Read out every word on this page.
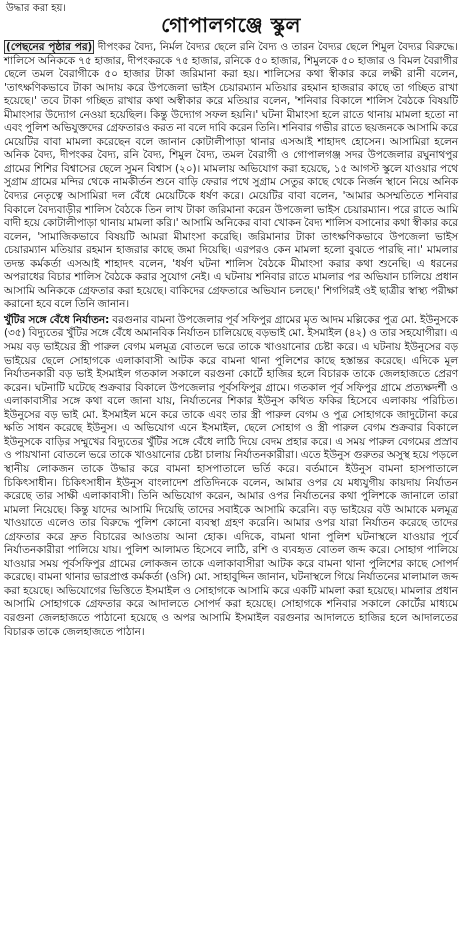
উদ্ধার করা হয়।
গোপালগঞ্জে স্কুল

(পেছনের পৃষ্ঠার পর) দীপংকর বৈদ্য, নির্মল বৈদ্যর ছেলে রনি বৈদ্য ও তারন বৈদ্যর ছেলে শিমুল বৈদ্যর বিরুদ্ধে। শালিসে অনিককে ৭৫ হাজার, দীপংকরকে ৭৫ হাজার, রনিকে ৫০ হাজার, শিমুলকে ৫০ হাজার ও বিমল বৈরাগীর ছেলে তমল বৈরাগীকে ৫০ হাজার টাকা জরিমানা করা হয়। শালিসের কথা স্বীকার করে লক্ষী রানী বলেন, 'তাৎক্ষণিকভাবে টাকা আদায় করে উপজেলা ভাইস চেয়ারম্যান মতিয়ার রহমান হাজরার কাছে তা গচ্ছিত রাখা হয়েছে।' তবে টাকা গচ্ছিত রাখার কথা অস্বীকার করে মতিয়ার বলেন, 'শনিবার বিকালে শালিস বৈঠকে বিষয়টি মীমাংসার উদ্যোগ নেওয়া হয়েছিল। কিন্তু উদ্যোগ সফল হয়নি।' ঘটনা মীমাংসা হলে রাতে থানায় মামলা হতো না এবং পুলিশ অভিযুক্তদের গ্রেফতারও করত না বলে দাবি করেন তিনি। শনিবার গভীর রাতে ছয়জনকে আসামি করে মেয়েটির বাবা মামলা করেছেন বলে জানান কোটালীপাড়া থানার এসআই শাহাদৎ হোসেন। আসামিরা হলেন অনিক বৈদ্য, দীপংকর বৈদ্য, রনি বৈদ্য, শিমুল বৈদ্য, তমল বৈরাগী ও গোপালগঞ্জ সদর উপজেলার রঘুনাথপুর গ্রামের শিশির বিশ্বাসের ছেলে সুমন বিশ্বাস (২০)। মামলায় অভিযোগ করা হয়েছে, ১৫ আগস্ট স্কুলে যাওয়ার পথে সুগ্রাম গ্রামের মন্দির থেকে নামকীর্তন শুনে বাড়ি ফেরার পথে সুগ্রাম সেতুর কাছে থেকে নির্জন স্থানে নিয়ে অনিক বৈদ্যর নেতৃত্বে আসামিরা দল বেঁধে মেয়েটিকে ধর্ষণ করে। মেয়েটির বাবা বলেন, 'আমার অসম্মতিতে শনিবার বিকালে বৈদ্যবাড়ীর শালিস বৈঠকে তিন লাখ টাকা জরিমানা করেন উপজেলা ভাইস চেয়ারম্যান। পরে রাতে আমি বাদী হয়ে কোটালীপাড়া থানায় মামলা করি।' আসামি অনিকের বাবা খোকন বৈদ্য শালিস বসানোর কথা স্বীকার করে বলেন, 'সামাজিকভাবে বিষয়টি আমরা মীমাংসা করেছি। জরিমানার টাকা তাৎক্ষণিকভাবে উপজেলা ভাইস চেয়ারম্যান মতিয়ার রহমান হাজরার কাছে জমা দিয়েছি। এরপরও কেন মামলা হলো বুঝতে পারছি না।' মামলার তদন্ত কর্মকর্তা এসআই শাহাদৎ বলেন, 'ধর্ষণ ঘটনা শালিস বৈঠকে মীমাংসা করার কথা শুনেছি। এ ধরনের অপরাধের বিচার শালিস বৈঠকে করার সুযোগ নেই। এ ঘটনায় শনিবার রাতে মামলার পর অভিযান চালিয়ে প্রধান আসামি অনিককে গ্রেফতার করা হয়েছে। বাকিদের গ্রেফতারে অভিযান চলছে।' শিগগিরই ওই ছাত্রীর স্বাস্থ্য পরীক্ষা করানো হবে বলে তিনি জানান।

খুঁটির সঙ্গে বেঁধে নির্যাতন: বরগুনার বামনা উপজেলার পূর্ব সফিপুর গ্রামের মৃত আদম মল্লিকের পুত্র মো. ইউনুসকে (৩৫) বিদ্যুতের খুঁটির সঙ্গে বেঁধে অমানবিক নির্যাতন চালিয়েছে বড়ভাই মো. ইসমাইল (৪২) ও তার সহযোগীরা। এ সময় বড় ভাইয়ের স্ত্রী পারুল বেগম মলমূত্র বোতলে ভরে তাকে খাওয়ানোর চেষ্টা করে। এ ঘটনায় ইউনুসের বড় ভাইয়ের ছেলে সোহাগকে এলাকাবাসী আটক করে বামনা থানা পুলিশের কাছে হস্তান্তর করেছে। এদিকে মূল নির্যাতনকারী বড় ভাই ইসমাইল গতকাল সকালে বরগুনা কোর্টে হাজির হলে বিচারক তাকে জেলহাজতে প্রেরণ করেন। ঘটনাটি ঘটেছে শুক্রবার বিকালে উপজেলার পূর্বসফিপুর গ্রামে। গতকাল পূর্ব সফিপুর গ্রামে প্রত্যক্ষদর্শী ও এলাকাবাসীর সঙ্গে কথা বলে জানা যায়, নির্যাতনের শিকার ইউনুস কথিত ফকির হিসেবে এলাকায় পরিচিত। ইউনুসের বড় ভাই মো. ইসমাইল মনে করে তাকে এবং তার স্ত্রী পারুল বেগম ও পুত্র সোহাগকে জাদুটোনা করে ক্ষতি সাধন করেছে ইউনুস। এ অভিযোগ এনে ইসমাইল, ছেলে সোহাগ ও স্ত্রী পারুল বেগম শুক্রবার বিকালে ইউনুসকে বাড়ির সম্মুখের বিদ্যুতের খুঁটির সঙ্গে বেঁধে লাঠি দিয়ে বেদম প্রহার করে। এ সময় পারুল বেগমের প্রস্রাব ও পায়খানা বোতলে ভরে তাকে খাওয়ানোর চেষ্টা চালায় নির্যাতনকারীরা। এতে ইউনুস গুরুতর অসুস্থ হয়ে পড়লে স্থানীয় লোকজন তাকে উদ্ধার করে বামনা হাসপাতালে ভর্তি করে। বর্তমানে ইউনুস বামনা হাসপাতালে চিকিৎসাধীন। চিকিৎসাধীন ইউনুস বাংলাদেশ প্রতিদিনকে বলেন, আমার ওপর যে মধ্যযুগীয় কায়দায় নির্যাতন করেছে তার সাক্ষী এলাকাবাসী। তিনি অভিযোগ করেন, আমার ওপর নির্যাতনের কথা পুলিশকে জানালে তারা মামলা নিয়েছে। কিন্তু যাদের আসামি দিয়েছি তাদের সবাইকে আসামি করেনি। বড় ভাইয়ের বউ আমাকে মলমূত্র খাওয়াতে এলেও তার বিরুদ্ধে পুলিশ কোনো ব্যবস্থা গ্রহণ করেনি। আমার ওপর যারা নির্যাতন করেছে তাদের গ্রেফতার করে দ্রুত বিচারের আওতায় আনা হোক। এদিকে, বামনা থানা পুলিশ ঘটনাস্থলে যাওয়ার পূর্বে নির্যাতনকারীরা পালিয়ে যায়। পুলিশ আলামত হিসেবে লাঠি, রশি ও ব্যবহৃত বোতল জব্দ করে। সোহাগ পালিয়ে যাওয়ার সময় পূর্বসফিপুর গ্রামের লোকজন তাকে এলাকাবাসীরা আটক করে বামনা থানা পুলিশের কাছে সোপর্দ করেছে। বামনা থানার ভারপ্রাপ্ত কর্মকর্তা (ওসি) মো. সাহাবুদ্দিন জানান, ঘটনাস্থলে গিয়ে নির্যাতনের মালামাল জব্দ করা হয়েছে। অভিযোগের ভিত্তিতে ইসমাইল ও সোহাগকে আসামি করে একটি মামলা করা হয়েছে। মামলার প্রধান আসামি সোহাগকে গ্রেফতার করে আদালতে সোপর্দ করা হয়েছে। সোহাগকে শনিবার সকালে কোর্টের মাধ্যমে বরগুনা জেলহাজতে পাঠানো হয়েছে ও অপর আসামি ইসমাইল বরগুনার আদালতে হাজির হলে আদালতের বিচারক তাকে জেলহাজতে পাঠান।
